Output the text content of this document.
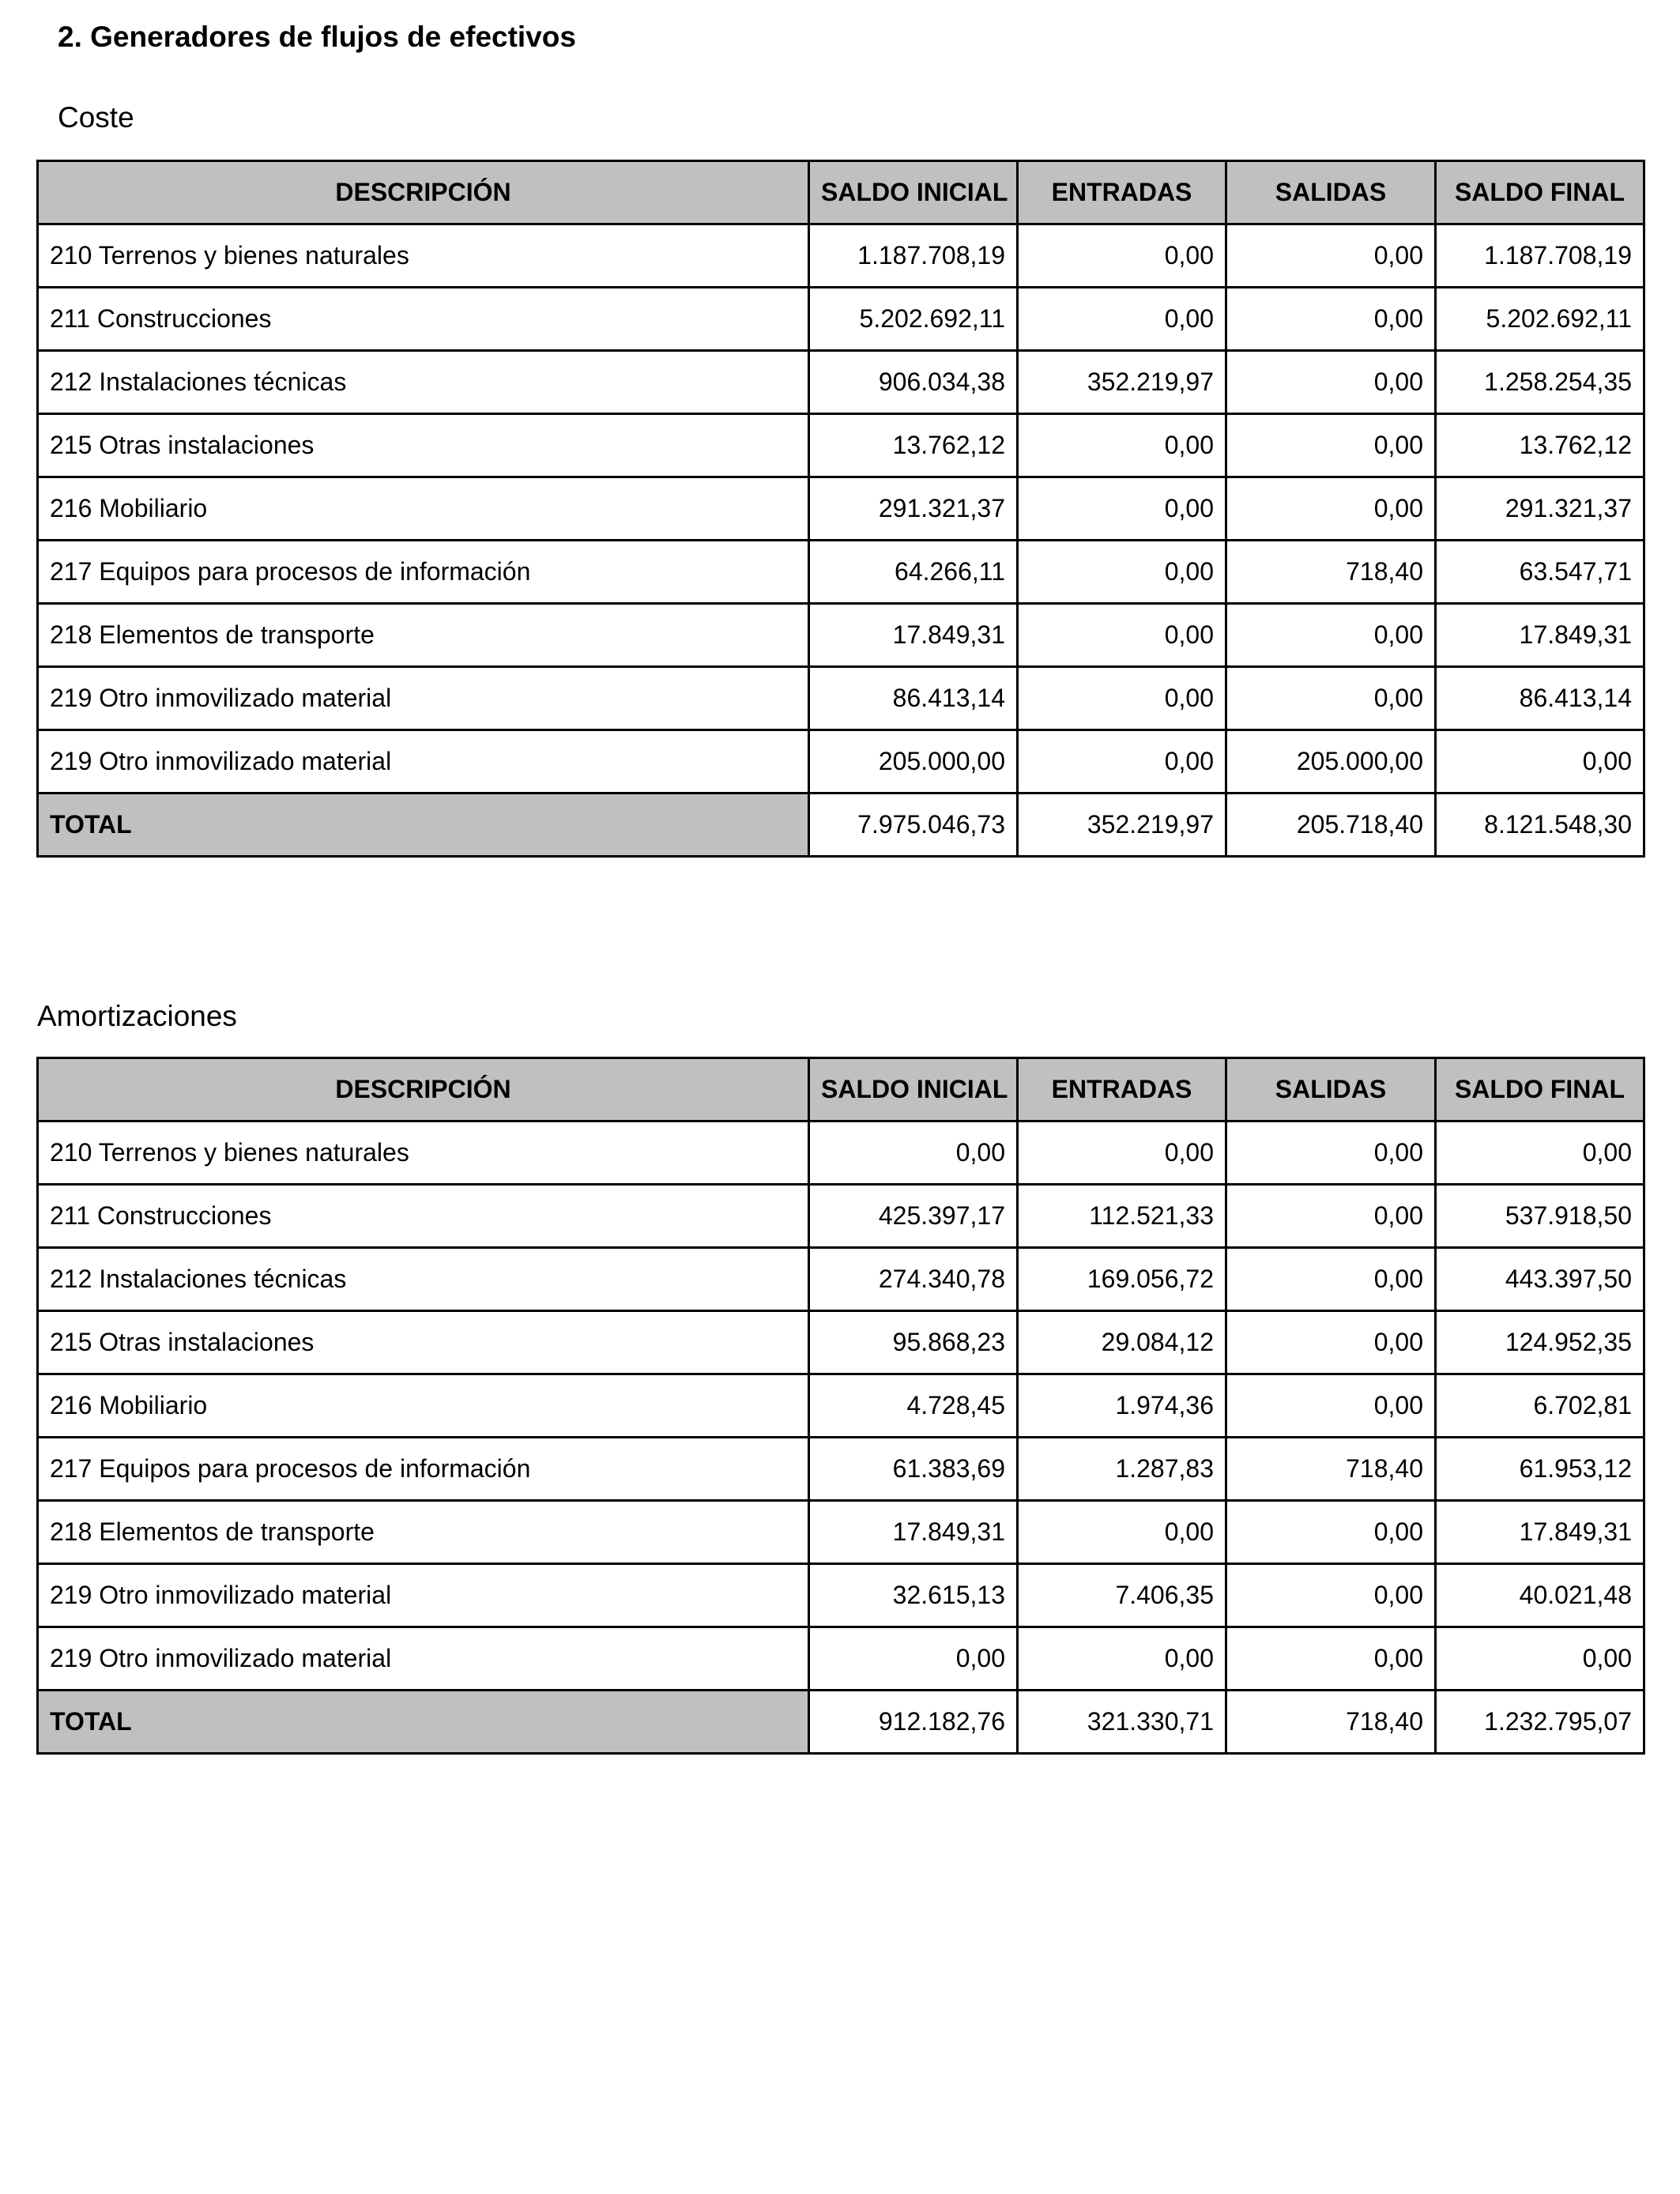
2. Generadores de flujos de efectivos
Coste
DESCRIPCIÓN	SALDO INICIAL	ENTRADAS	SALIDAS	SALDO FINAL
210 Terrenos y bienes naturales	1.187.708,19	0,00	0,00	1.187.708,19
211 Construcciones	5.202.692,11	0,00	0,00	5.202.692,11
212 Instalaciones técnicas	906.034,38	352.219,97	0,00	1.258.254,35
215 Otras instalaciones	13.762,12	0,00	0,00	13.762,12
216 Mobiliario	291.321,37	0,00	0,00	291.321,37
217 Equipos para procesos de información	64.266,11	0,00	718,40	63.547,71
218 Elementos de transporte	17.849,31	0,00	0,00	17.849,31
219 Otro inmovilizado material	86.413,14	0,00	0,00	86.413,14
219 Otro inmovilizado material	205.000,00	0,00	205.000,00	0,00
TOTAL	7.975.046,73	352.219,97	205.718,40	8.121.548,30
Amortizaciones
DESCRIPCIÓN	SALDO INICIAL	ENTRADAS	SALIDAS	SALDO FINAL
210 Terrenos y bienes naturales	0,00	0,00	0,00	0,00
211 Construcciones	425.397,17	112.521,33	0,00	537.918,50
212 Instalaciones técnicas	274.340,78	169.056,72	0,00	443.397,50
215 Otras instalaciones	95.868,23	29.084,12	0,00	124.952,35
216 Mobiliario	4.728,45	1.974,36	0,00	6.702,81
217 Equipos para procesos de información	61.383,69	1.287,83	718,40	61.953,12
218 Elementos de transporte	17.849,31	0,00	0,00	17.849,31
219 Otro inmovilizado material	32.615,13	7.406,35	0,00	40.021,48
219 Otro inmovilizado material	0,00	0,00	0,00	0,00
TOTAL	912.182,76	321.330,71	718,40	1.232.795,07
